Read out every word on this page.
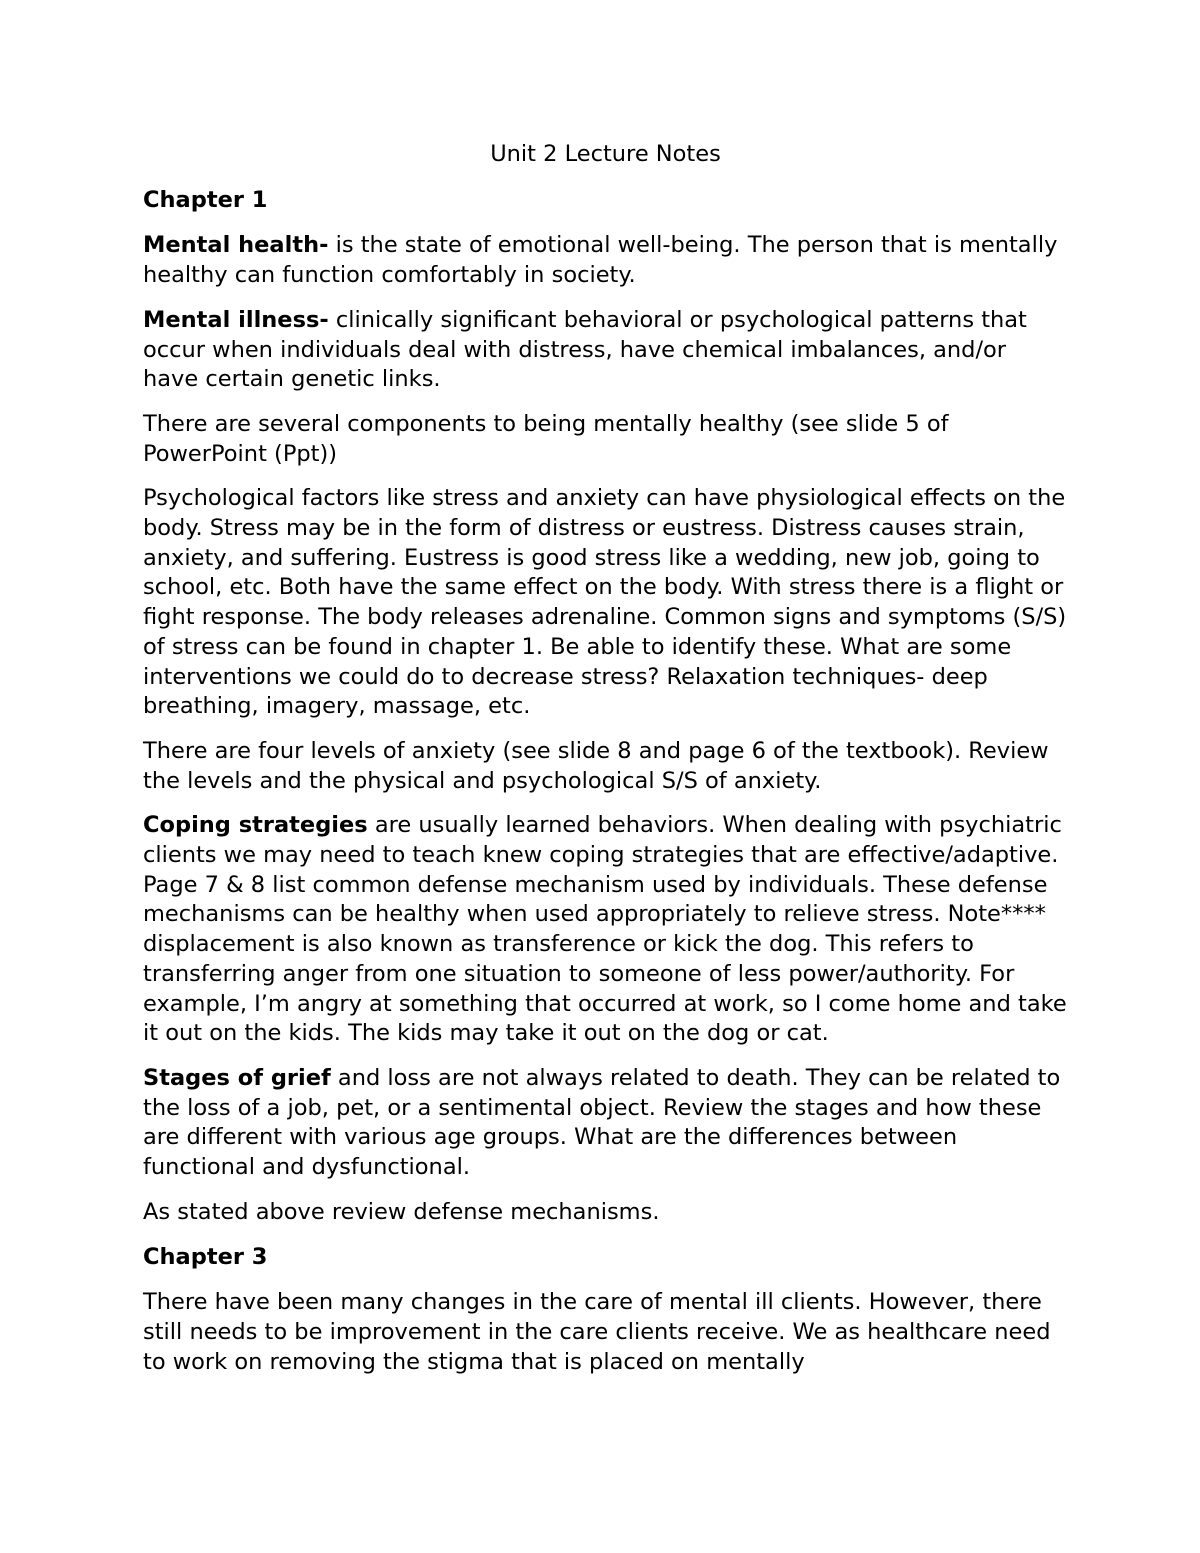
Unit 2 Lecture Notes
Chapter 1

Mental health- is the state of emotional well-being. The person that is mentally healthy can function comfortably in society.

Mental illness- clinically significant behavioral or psychological patterns that occur when individuals deal with distress, have chemical imbalances, and/or have certain genetic links.

There are several components to being mentally healthy (see slide 5 of PowerPoint (Ppt))

Psychological factors like stress and anxiety can have physiological effects on the body. Stress may be in the form of distress or eustress. Distress causes strain, anxiety, and suffering. Eustress is good stress like a wedding, new job, going to school, etc. Both have the same effect on the body. With stress there is a flight or fight response. The body releases adrenaline. Common signs and symptoms (S/S) of stress can be found in chapter 1. Be able to identify these. What are some interventions we could do to decrease stress? Relaxation techniques- deep breathing, imagery, massage, etc.

There are four levels of anxiety (see slide 8 and page 6 of the textbook). Review the levels and the physical and psychological S/S of anxiety.

Coping strategies are usually learned behaviors. When dealing with psychiatric clients we may need to teach knew coping strategies that are effective/adaptive. Page 7 & 8 list common defense mechanism used by individuals. These defense mechanisms can be healthy when used appropriately to relieve stress. Note**** displacement is also known as transference or kick the dog. This refers to transferring anger from one situation to someone of less power/authority. For example, I’m angry at something that occurred at work, so I come home and take it out on the kids. The kids may take it out on the dog or cat.

Stages of grief and loss are not always related to death. They can be related to the loss of a job, pet, or a sentimental object. Review the stages and how these are different with various age groups. What are the differences between functional and dysfunctional.

As stated above review defense mechanisms.

Chapter 3

There have been many changes in the care of mental ill clients. However, there still needs to be improvement in the care clients receive. We as healthcare need to work on removing the stigma that is placed on mentally
